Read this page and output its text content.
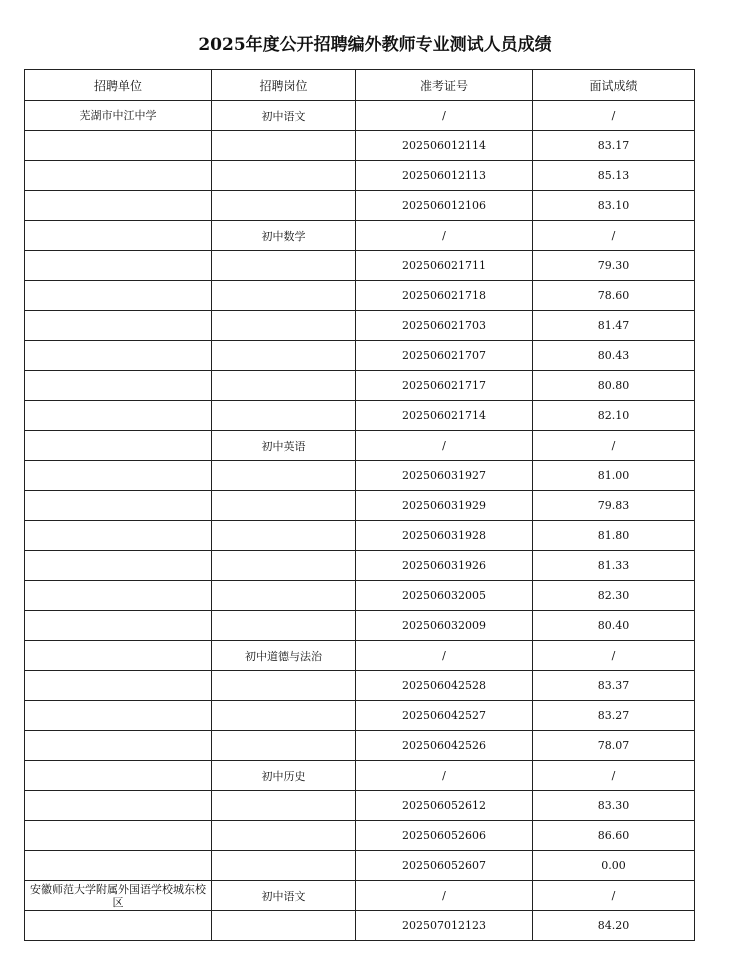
2025年度公开招聘编外教师专业测试人员成绩
招聘单位	招聘岗位	准考证号	面试成绩
芜湖市中江中学	初中语文	/	/
		202506012114	83.17
		202506012113	85.13
		202506012106	83.10
	初中数学	/	/
		202506021711	79.30
		202506021718	78.60
		202506021703	81.47
		202506021707	80.43
		202506021717	80.80
		202506021714	82.10
	初中英语	/	/
		202506031927	81.00
		202506031929	79.83
		202506031928	81.80
		202506031926	81.33
		202506032005	82.30
		202506032009	80.40
	初中道德与法治	/	/
		202506042528	83.37
		202506042527	83.27
		202506042526	78.07
	初中历史	/	/
		202506052612	83.30
		202506052606	86.60
		202506052607	0.00
安徽师范大学附属外国语学校城东校区	初中语文	/	/
		202507012123	84.20
